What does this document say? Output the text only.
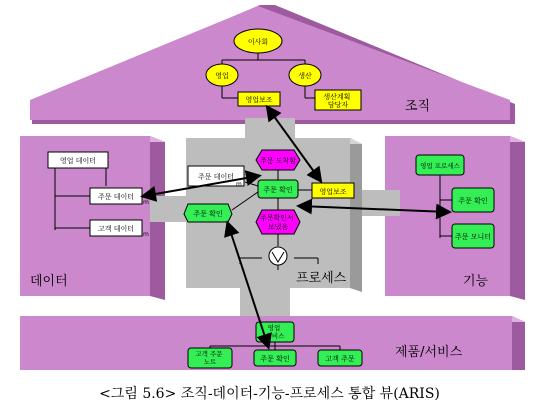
조직
이사회
영업	생산
영업보조	생산계획 담당자
데이터
영업 데이터
주문 데이터
m
고객 데이터
m
기능
영업 프로세스
주문 확인
주문 모니터
프로세스
주문 데이터
m
주문 도착함
주문 확인	영업보조
주문확인서 보냈음
주문 확인
제품/서비스
영업 서비스
고객 주문 노트	주문 확인	고객 주문
<그림 5.6> 조직-데이터-기능-프로세스 통합 뷰(ARIS)
